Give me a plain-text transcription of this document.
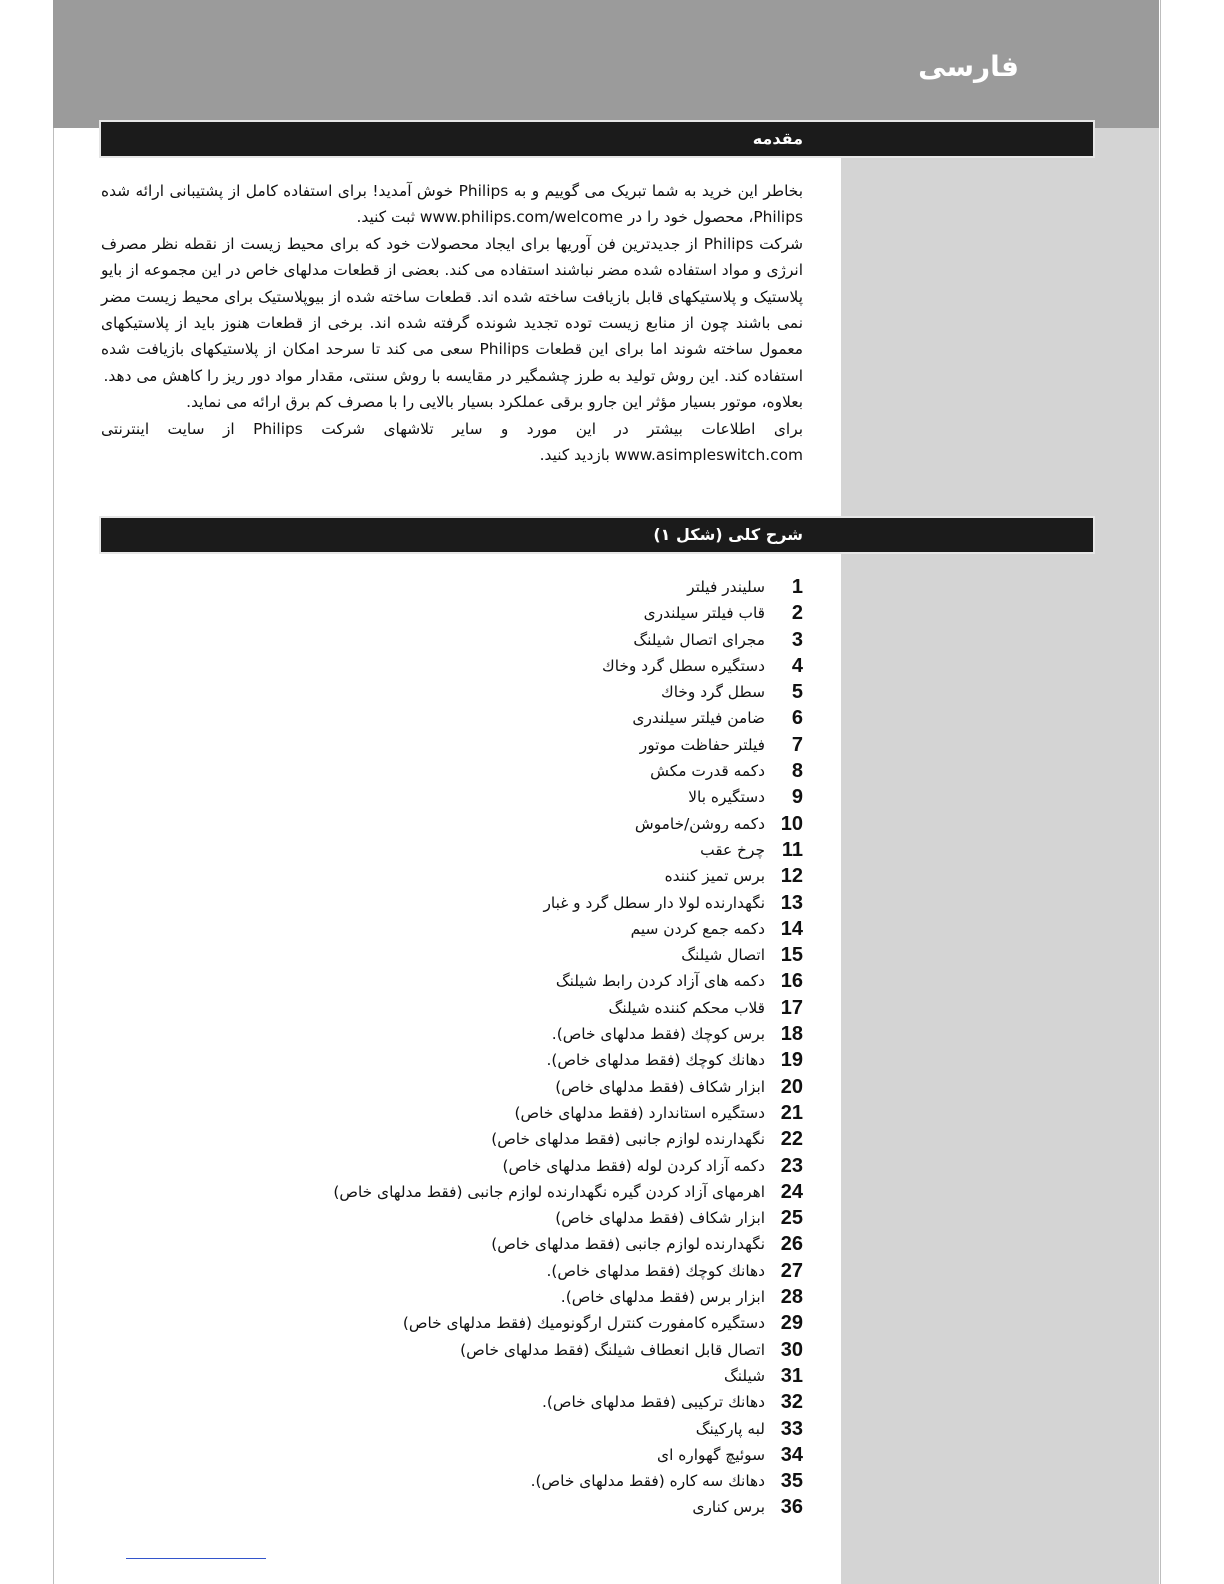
فارسی
مقدمه

بخاطر این خرید به شما تبریک می گوییم و به Philips خوش آمدید! برای استفاده کامل از پشتیبانی ارائه شده Philips، محصول خود را در www.philips.com/welcome ثبت کنید.

شرکت Philips از جدیدترین فن آوریها برای ایجاد محصولات خود که برای محیط زیست از نقطه نظر مصرف انرژی و مواد استفاده شده مضر نباشند استفاده می کند. بعضی از قطعات مدلهای خاص در این مجموعه از بایو پلاستیک و پلاستیکهای قابل بازیافت ساخته شده اند. قطعات ساخته شده از بیوپلاستیک برای محیط زیست مضر نمی باشند چون از منابع زیست توده تجدید شونده گرفته شده اند. برخی از قطعات هنوز باید از پلاستیکهای معمول ساخته شوند اما برای این قطعات Philips سعی می کند تا سرحد امکان از پلاستیکهای بازیافت شده استفاده کند. این روش تولید به طرز چشمگیر در مقایسه با روش سنتی، مقدار مواد دور ریز را کاهش می دهد.

بعلاوه، موتور بسیار مؤثر این جارو برقی عملکرد بسیار بالایی را با مصرف کم برق ارائه می نماید.

برای اطلاعات بیشتر در این مورد و سایر تلاشهای شرکت Philips از سایت اینترنتی www.asimpleswitch.com بازدید کنید.

شرح کلی (شکل ۱)
1
سلیندر فیلتر
2
قاب فیلتر سیلندری
3
مجرای اتصال شیلنگ
4
دستگیره سطل گرد وخاك
5
سطل گرد وخاك
6
ضامن فیلتر سیلندری
7
فیلتر حفاظت موتور
8
دکمه قدرت مکش
9
دستگیره بالا
10
دکمه روشن/خاموش
11
چرخ عقب
12
برس تمیز کننده
13
نگهدارنده لولا دار سطل گرد و غبار
14
دکمه جمع کردن سیم
15
اتصال شیلنگ
16
دکمه های آزاد کردن رابط شیلنگ
17
قلاب محکم کننده شیلنگ
18
برس کوچك (فقط مدلهای خاص).
19
دهانك کوچك (فقط مدلهای خاص).
20
ابزار شکاف (فقط مدلهای خاص)
21
دستگیره استاندارد (فقط مدلهای خاص)
22
نگهدارنده لوازم جانبی (فقط مدلهای خاص)
23
دکمه آزاد کردن لوله (فقط مدلهای خاص)
24
اهرمهای آزاد کردن گیره نگهدارنده لوازم جانبی (فقط مدلهای خاص)
25
ابزار شکاف (فقط مدلهای خاص)
26
نگهدارنده لوازم جانبی (فقط مدلهای خاص)
27
دهانك کوچك (فقط مدلهای خاص).
28
ابزار برس (فقط مدلهای خاص).
29
دستگیره کامفورت کنترل ارگونومیك (فقط مدلهای خاص)
30
اتصال قابل انعطاف شیلنگ (فقط مدلهای خاص)
31
شیلنگ
32
دهانك ترکیبی (فقط مدلهای خاص).
33
لبه پارکینگ
34
سوئیچ گهواره ای
35
دهانك سه کاره (فقط مدلهای خاص).
36
برس کناری
